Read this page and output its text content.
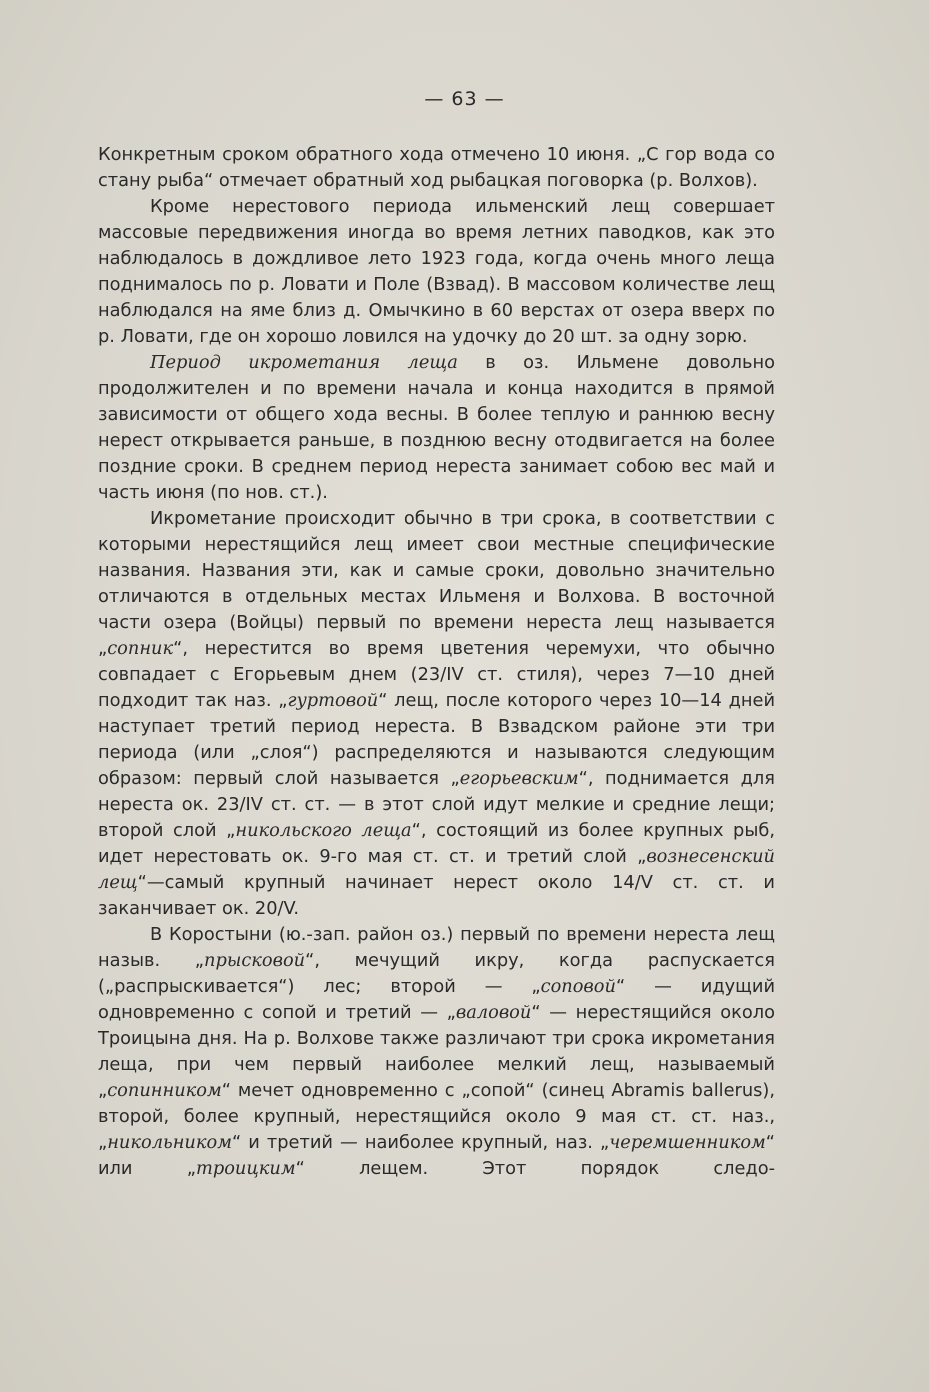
— 63 —

Конкретным сроком обратного хода отмечено 10 июня. „С гор вода со стану рыба“ отмечает обратный ход рыбацкая поговорка (р. Волхов).

Кроме нерестового периода ильменский лещ совершает массовые передвижения иногда во время летних паводков, как это наблюдалось в дождливое лето 1923 года, когда очень много леща поднималось по р. Ловати и Поле (Взвад). В массовом количестве лещ наблюдался на яме близ д. Омычкино в 60 верстах от озера вверх по р. Ловати, где он хорошо ловился на удочку до 20 шт. за одну зорю.

Период икрометания леща в оз. Ильмене довольно продолжителен и по времени начала и конца находится в прямой зависимости от общего хода весны. В более теплую и раннюю весну нерест открывается раньше, в позднюю весну отодвигается на более поздние сроки. В среднем период нереста занимает собою вес май и часть июня (по нов. ст.).

Икрометание происходит обычно в три срока, в соответствии с которыми нерестящийся лещ имеет свои местные специфические названия. Названия эти, как и самые сроки, довольно значительно отличаются в отдельных местах Ильменя и Волхова. В восточной части озера (Войцы) первый по времени нереста лещ называется „сопник“, нерестится во время цветения черемухи, что обычно совпадает с Егорьевым днем (23/IV ст. стиля), через 7—10 дней подходит так наз. „гуртовой“ лещ, после которого через 10—14 дней наступает третий период нереста. В Взвадском районе эти три периода (или „слоя“) распределяются и называются следующим образом: первый слой называется „егорьевским“, поднимается для нереста ок. 23/IV ст. ст. — в этот слой идут мелкие и средние лещи; второй слой „никольского леща“, состоящий из более крупных рыб, идет нерестовать ок. 9-го мая ст. ст. и третий слой „вознесенский лещ“—самый крупный начинает нерест около 14/V ст. ст. и заканчивает ок. 20/V.

В Коростыни (ю.-зап. район оз.) первый по времени нереста лещ назыв. „прысковой“, мечущий икру, когда распускается („распрыскивается“) лес; второй — „соповой“ — идущий одновременно с сопой и третий — „валовой“ — нерестящийся около Троицына дня. На р. Волхове также различают три срока икрометания леща, при чем первый наиболее мелкий лещ, называемый „сопинником“ мечет одновременно с „сопой“ (синец Abramis ballerus), второй, более крупный, нерестящийся около 9 мая ст. ст. наз., „никольником“ и третий — наиболее крупный, наз. „черемшенником“ или „троицким“ лещем. Этот порядок следо-
